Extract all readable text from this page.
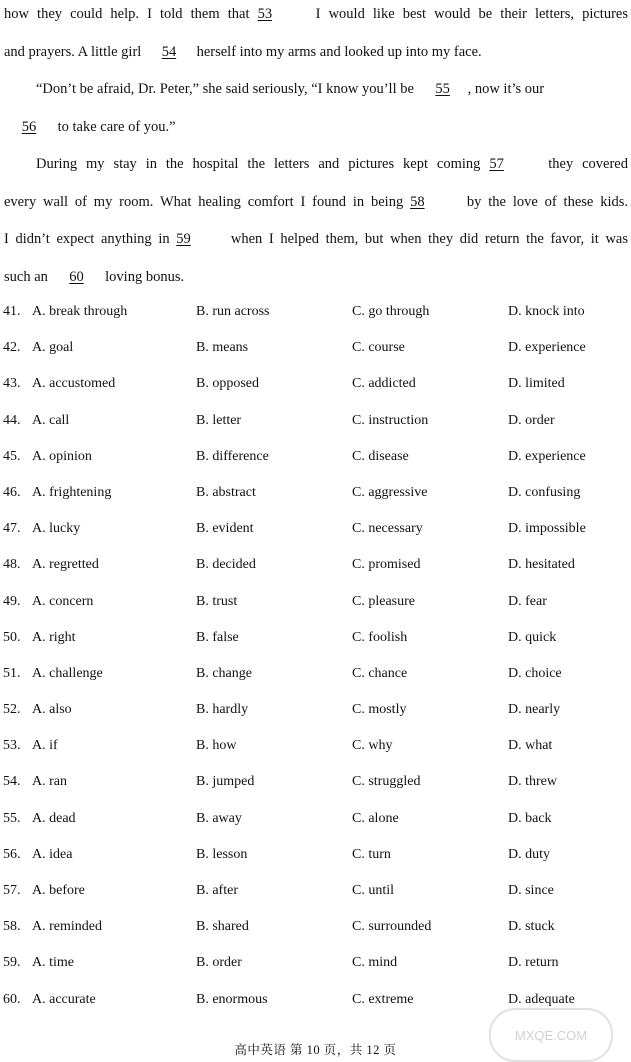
how they could help. I told them that 53 I would like best would be their letters, pictures
and prayers. A little girl 54 herself into my arms and looked up into my face.
“Don’t be afraid, Dr. Peter,” she said seriously, “I know you’ll be 55 , now it’s our
56 to take care of you.”
During my stay in the hospital the letters and pictures kept coming 57 they covered
every wall of my room. What healing comfort I found in being 58 by the love of these kids.
I didn’t expect anything in 59 when I helped them, but when they did return the favor, it was
such an 60 loving bonus.
41. A. break through	B. run across	C. go through	D. knock into
42. A. goal	B. means	C. course	D. experience
43. A. accustomed	B. opposed	C. addicted	D. limited
44. A. call	B. letter	C. instruction	D. order
45. A. opinion	B. difference	C. disease	D. experience
46. A. frightening	B. abstract	C. aggressive	D. confusing
47. A. lucky	B. evident	C. necessary	D. impossible
48. A. regretted	B. decided	C. promised	D. hesitated
49. A. concern	B. trust	C. pleasure	D. fear
50. A. right	B. false	C. foolish	D. quick
51. A. challenge	B. change	C. chance	D. choice
52. A. also	B. hardly	C. mostly	D. nearly
53. A. if	B. how	C. why	D. what
54. A. ran	B. jumped	C. struggled	D. threw
55. A. dead	B. away	C. alone	D. back
56. A. idea	B. lesson	C. turn	D. duty
57. A. before	B. after	C. until	D. since
58. A. reminded	B. shared	C. surrounded	D. stuck
59. A. time	B. order	C. mind	D. return
60. A. accurate	B. enormous	C. extreme	D. adequate
高中英语 第 10 页，共 12 页
MXQE.COM
